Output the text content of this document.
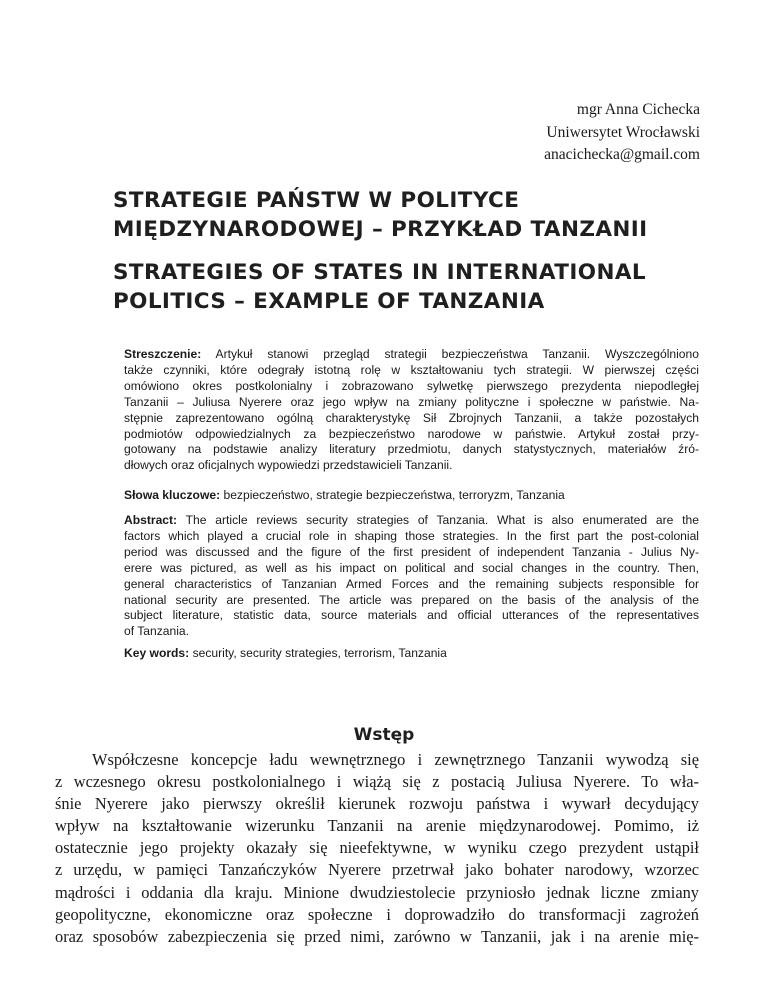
mgr Anna Cichecka
Uniwersytet Wrocławski
anacichecka@gmail.com
STRATEGIE PAŃSTW W POLITYCE
MIĘDZYNARODOWEJ – PRZYKŁAD TANZANII
STRATEGIES OF STATES IN INTERNATIONAL
POLITICS – EXAMPLE OF TANZANIA
Streszczenie: Artykuł stanowi przegląd strategii bezpieczeństwa Tanzanii. Wyszczególniono
także czynniki, które odegrały istotną rolę w kształtowaniu tych strategii. W pierwszej części
omówiono okres postkolonialny i zobrazowano sylwetkę pierwszego prezydenta niepodległej
Tanzanii – Juliusa Nyerere oraz jego wpływ na zmiany polityczne i społeczne w państwie. Na-
stępnie zaprezentowano ogólną charakterystykę Sił Zbrojnych Tanzanii, a także pozostałych
podmiotów odpowiedzialnych za bezpieczeństwo narodowe w państwie. Artykuł został przy-
gotowany na podstawie analizy literatury przedmiotu, danych statystycznych, materiałów źró-
dłowych oraz oficjalnych wypowiedzi przedstawicieli Tanzanii.
Słowa kluczowe: bezpieczeństwo, strategie bezpieczeństwa, terroryzm, Tanzania
Abstract: The article reviews security strategies of Tanzania. What is also enumerated are the
factors which played a crucial role in shaping those strategies. In the first part the post-colonial
period was discussed and the figure of the first president of independent Tanzania - Julius Ny-
erere was pictured, as well as his impact on political and social changes in the country. Then,
general characteristics of Tanzanian Armed Forces and the remaining subjects responsible for
national security are presented. The article was prepared on the basis of the analysis of the
subject literature, statistic data, source materials and official utterances of the representatives
of Tanzania.
Key words: security, security strategies, terrorism, Tanzania
Wstęp
Współczesne koncepcje ładu wewnętrznego i zewnętrznego Tanzanii wywodzą się
z wczesnego okresu postkolonialnego i wiążą się z postacią Juliusa Nyerere. To wła-
śnie Nyerere jako pierwszy określił kierunek rozwoju państwa i wywarł decydujący
wpływ na kształtowanie wizerunku Tanzanii na arenie międzynarodowej. Pomimo, iż
ostatecznie jego projekty okazały się nieefektywne, w wyniku czego prezydent ustąpił
z urzędu, w pamięci Tanzańczyków Nyerere przetrwał jako bohater narodowy, wzorzec
mądrości i oddania dla kraju. Minione dwudziestolecie przyniosło jednak liczne zmiany
geopolityczne, ekonomiczne oraz społeczne i doprowadziło do transformacji zagrożeń
oraz sposobów zabezpieczenia się przed nimi, zarówno w Tanzanii, jak i na arenie mię-
